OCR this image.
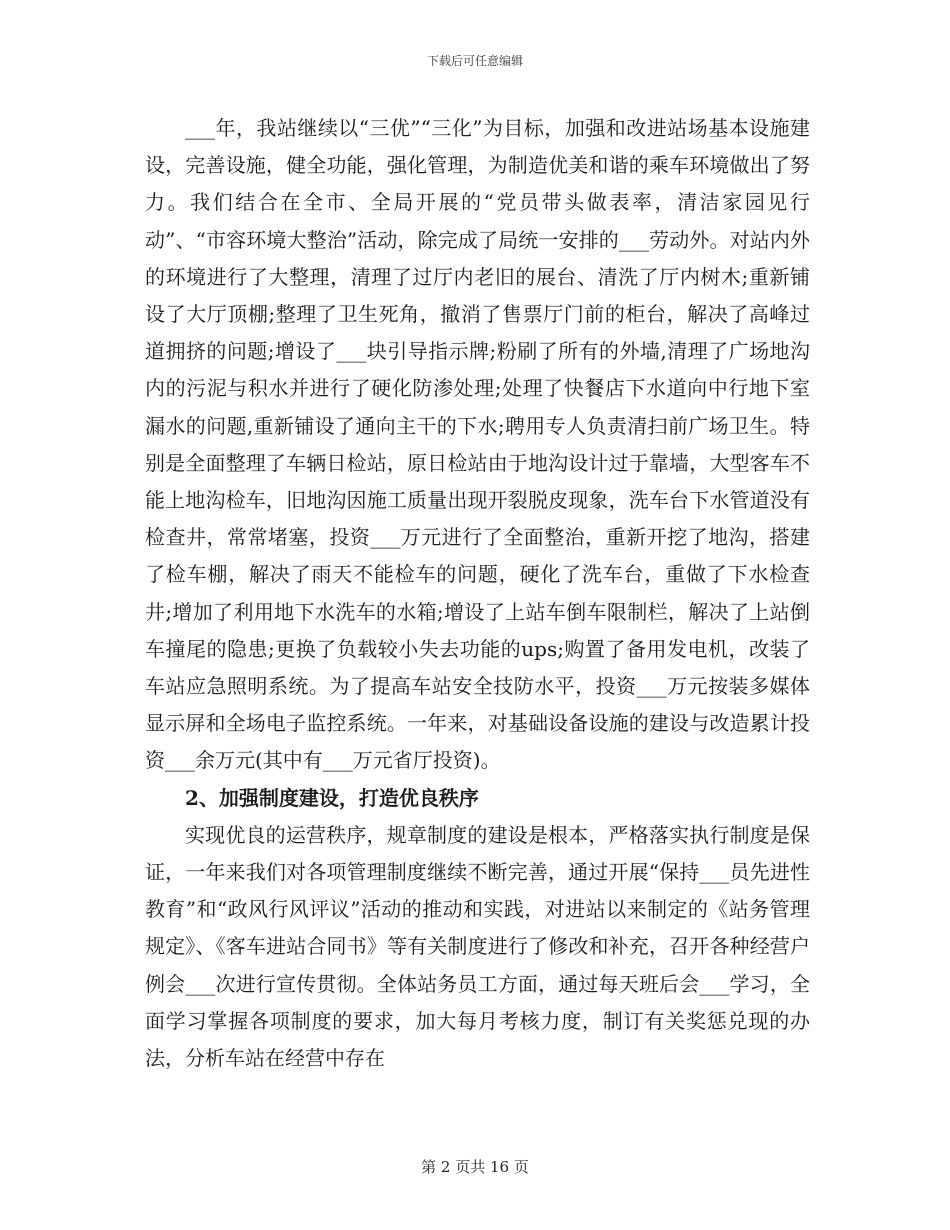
下载后可任意编辑

___年，我站继续以“三优”“三化”为目标，加强和改进站场基本设施建设，完善设施，健全功能，强化管理，为制造优美和谐的乘车环境做出了努力。我们结合在全市、全局开展的“党员带头做表率，清洁家园见行动”、“市容环境大整治”活动，除完成了局统一安排的___劳动外。对站内外的环境进行了大整理，清理了过厅内老旧的展台、清洗了厅内树木;重新铺设了大厅顶棚;整理了卫生死角，撤消了售票厅门前的柜台，解决了高峰过道拥挤的问题;增设了___块引导指示牌;粉刷了所有的外墙,清理了广场地沟内的污泥与积水并进行了硬化防渗处理;处理了快餐店下水道向中行地下室漏水的问题,重新铺设了通向主干的下水;聘用专人负责清扫前广场卫生。特别是全面整理了车辆日检站，原日检站由于地沟设计过于靠墙，大型客车不能上地沟检车，旧地沟因施工质量出现开裂脱皮现象，洗车台下水管道没有检查井，常常堵塞，投资___万元进行了全面整治，重新开挖了地沟，搭建了检车棚，解决了雨天不能检车的问题，硬化了洗车台，重做了下水检查井;增加了利用地下水洗车的水箱;增设了上站车倒车限制栏，解决了上站倒车撞尾的隐患;更换了负载较小失去功能的ups;购置了备用发电机，改装了车站应急照明系统。为了提高车站安全技防水平，投资___万元按装多媒体显示屏和全场电子监控系统。一年来，对基础设备设施的建设与改造累计投资___余万元(其中有___万元省厅投资)。

2、加强制度建设，打造优良秩序

实现优良的运营秩序，规章制度的建设是根本，严格落实执行制度是保证，一年来我们对各项管理制度继续不断完善，通过开展“保持___员先进性教育”和“政风行风评议”活动的推动和实践，对进站以来制定的《站务管理规定》、《客车进站合同书》等有关制度进行了修改和补充，召开各种经营户例会___次进行宣传贯彻。全体站务员工方面，通过每天班后会___学习，全面学习掌握各项制度的要求，加大每月考核力度，制订有关奖惩兑现的办法，分析车站在经营中存在

第 2 页共 16 页
